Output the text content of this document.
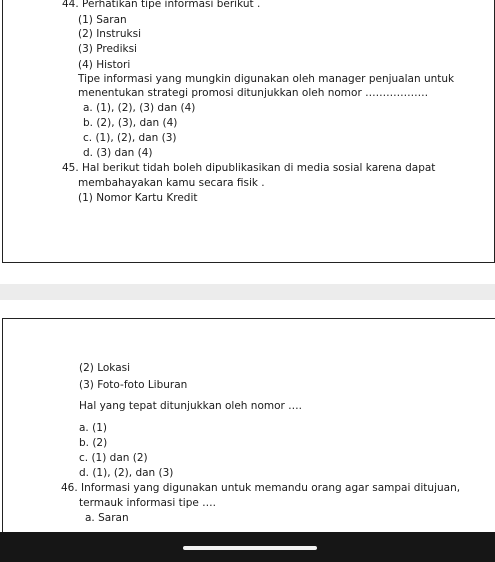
44. Perhatikan tipe informasi berikut .
(1) Saran
(2) Instruksi
(3) Prediksi
(4) Histori
Tipe informasi yang mungkin digunakan oleh manager penjualan untuk
menentukan strategi promosi ditunjukkan oleh nomor ………………
a. (1), (2), (3) dan (4)
b. (2), (3), dan (4)
c. (1), (2), dan (3)
d. (3) dan (4)
45. Hal berikut tidah boleh dipublikasikan di media sosial karena dapat
membahayakan kamu secara fisik .
(1) Nomor Kartu Kredit
(2) Lokasi
(3) Foto-foto Liburan
Hal yang tepat ditunjukkan oleh nomor ….
a. (1)
b. (2)
c. (1) dan (2)
d. (1), (2), dan (3)
46. Informasi yang digunakan untuk memandu orang agar sampai ditujuan,
termauk informasi tipe ….
a. Saran
